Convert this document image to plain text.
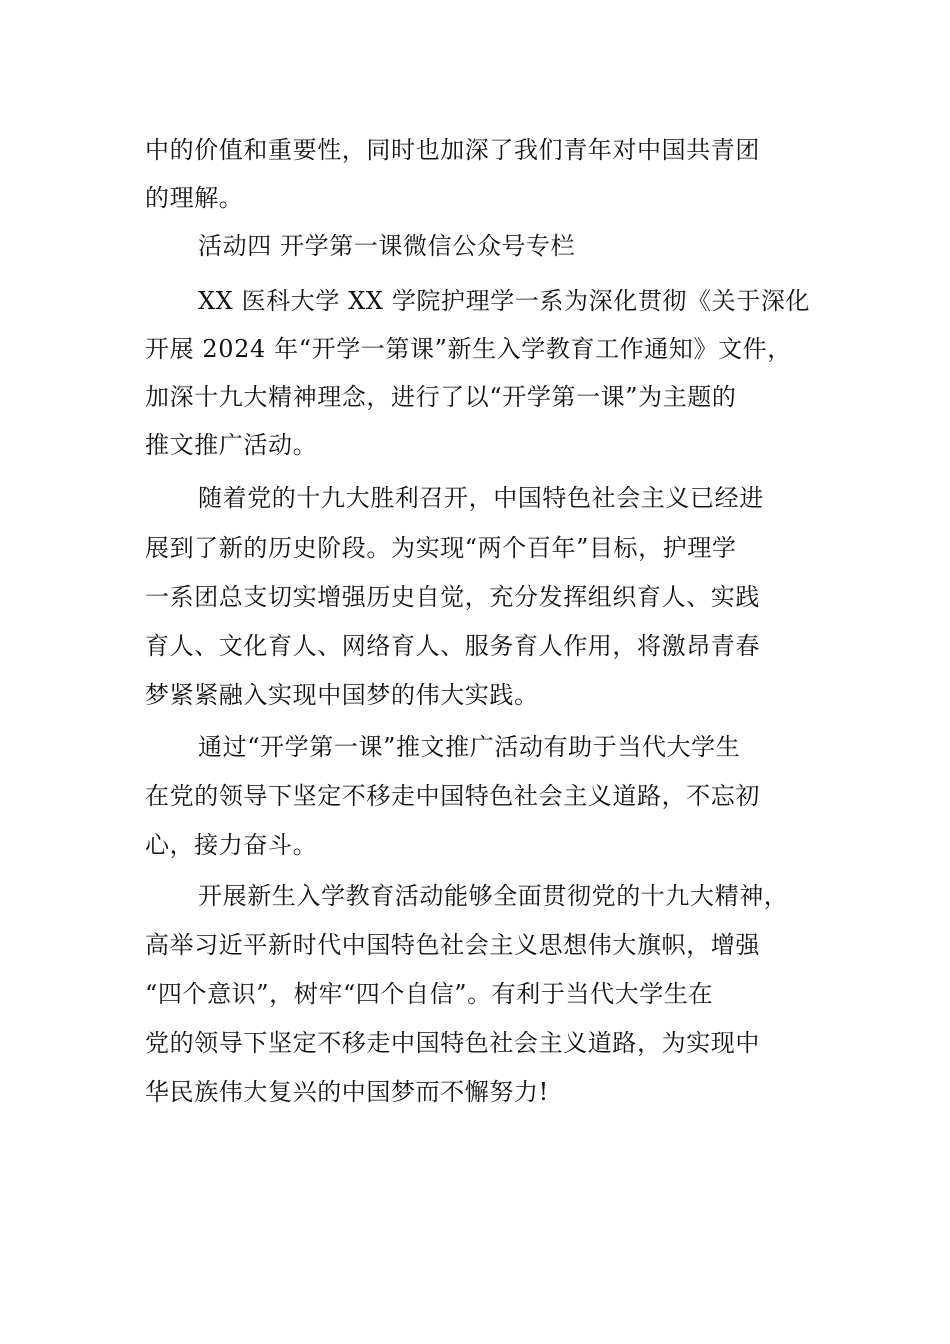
中的价值和重要性，同时也加深了我们青年对中国共青团
的理解。
活动四 开学第一课微信公众号专栏
XX 医科大学 XX 学院护理学一系为深化贯彻《关于深化
开展 2024 年“开学一第课”新生入学教育工作通知》文件，
加深十九大精神理念，进行了以“开学第一课”为主题的
推文推广活动。
随着党的十九大胜利召开，中国特色社会主义已经进
展到了新的历史阶段。为实现“两个百年”目标，护理学
一系团总支切实增强历史自觉，充分发挥组织育人、实践
育人、文化育人、网络育人、服务育人作用，将激昂青春
梦紧紧融入实现中国梦的伟大实践。
通过“开学第一课”推文推广活动有助于当代大学生
在党的领导下坚定不移走中国特色社会主义道路，不忘初
心，接力奋斗。
开展新生入学教育活动能够全面贯彻党的十九大精神，
高举习近平新时代中国特色社会主义思想伟大旗帜，增强
“四个意识”，树牢“四个自信”。有利于当代大学生在
党的领导下坚定不移走中国特色社会主义道路，为实现中
华民族伟大复兴的中国梦而不懈努力!
